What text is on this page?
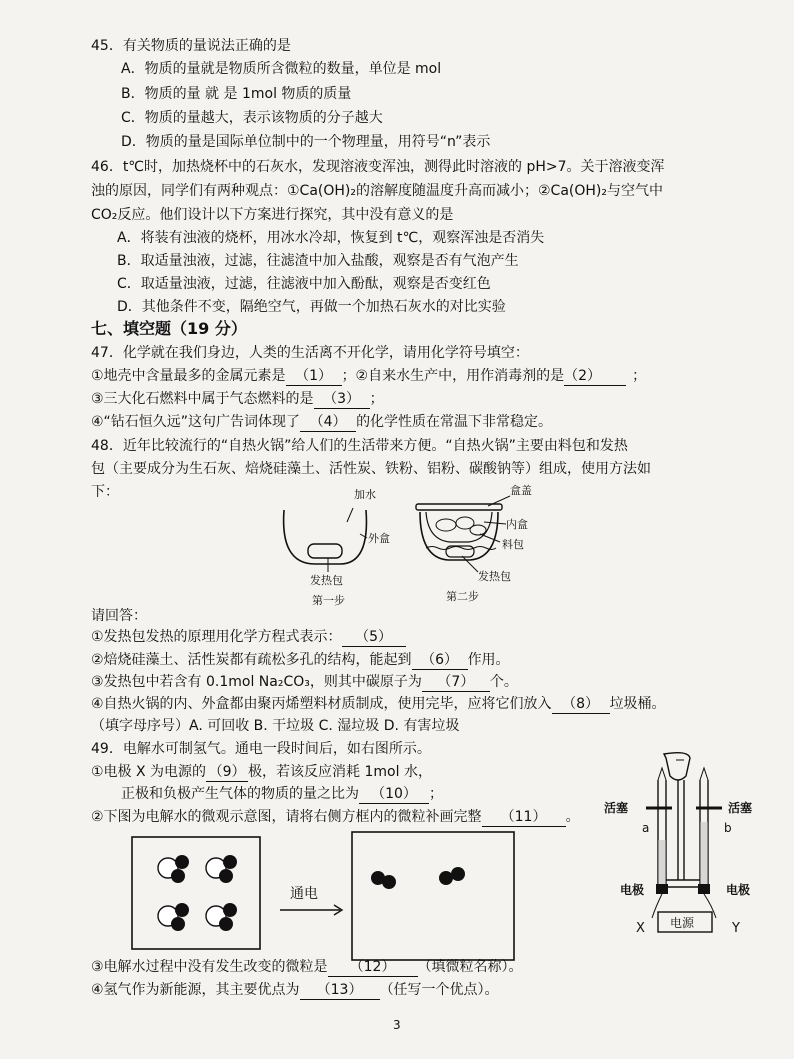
45．有关物质的量说法正确的是
A．物质的量就是物质所含微粒的数量，单位是 mol
B．物质的量 就 是 1mol 物质的质量
C．物质的量越大，表示该物质的分子越大
D．物质的量是国际单位制中的一个物理量，用符号“n”表示
46．t℃时，加热烧杯中的石灰水，发现溶液变浑浊，测得此时溶液的 pH>7。关于溶液变浑
浊的原因，同学们有两种观点：①Ca(OH)₂的溶解度随温度升高而减小；②Ca(OH)₂与空气中
CO₂反应。他们设计以下方案进行探究，其中没有意义的是
A．将装有浊液的烧杯，用冰水冷却，恢复到 t℃，观察浑浊是否消失
B．取适量浊液，过滤，往滤渣中加入盐酸，观察是否有气泡产生
C．取适量浊液，过滤，往滤液中加入酚酞，观察是否变红色
D．其他条件不变，隔绝空气，再做一个加热石灰水的对比实验
七、填空题（19 分）
47．化学就在我们身边，人类的生活离不开化学，请用化学符号填空：
①地壳中含量最多的金属元素是 （1） ；②自来水生产中，用作消毒剂的是（2） ；
③三大化石燃料中属于气态燃料的是 （3） ；
④“钻石恒久远”这句广告词体现了 （4） 的化学性质在常温下非常稳定。
48．近年比较流行的“自热火锅”给人们的生活带来方便。“自热火锅”主要由料包和发热
包（主要成分为生石灰、焙烧硅藻土、活性炭、铁粉、铝粉、碳酸钠等）组成，使用方法如
下：	加水
外盒
发热包
第一步
盒盖
内盒
料包
发热包
第二步
请回答：
①发热包发热的原理用化学方程式表示： （5）
②焙烧硅藻土、活性炭都有疏松多孔的结构，能起到 （6） 作用。
③发热包中若含有 0.1mol Na₂CO₃，则其中碳原子为 （7） 个。
④自热火锅的内、外盒都由聚丙烯塑料材质制成，使用完毕，应将它们放入 （8） 垃圾桶。
（填字母序号）A. 可回收 B. 干垃圾 C. 湿垃圾 D. 有害垃圾
49．电解水可制氢气。通电一段时间后，如右图所示。
①电极 X 为电源的 （9） 极，若该反应消耗 1mol 水，
正极和负极产生气体的物质的量之比为 （10） ；
②下图为电解水的微观示意图，请将右侧方框内的微粒补画完整 （11） 。
通电
电源
活塞	活塞
a	b
电极	电极
X	Y
③电解水过程中没有发生改变的微粒是 （12） （填微粒名称）。
④氢气作为新能源，其主要优点为 （13） （任写一个优点）。
3
